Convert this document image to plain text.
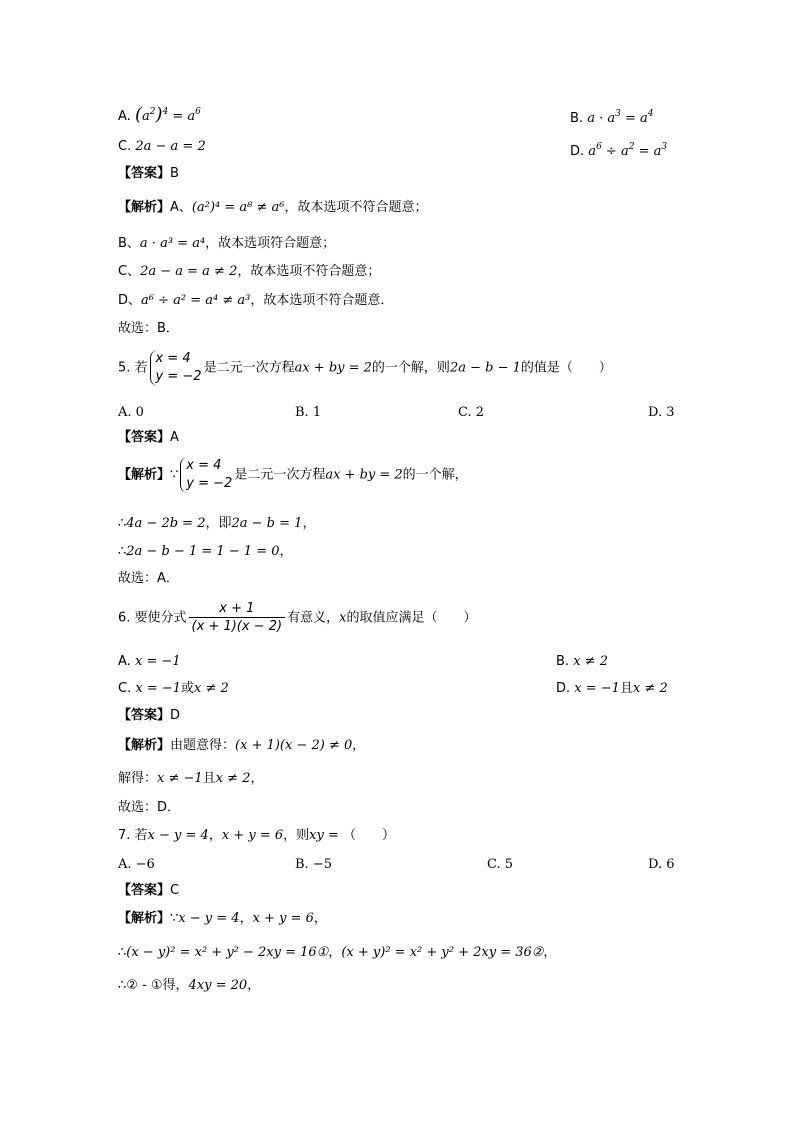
A. $(a^2)^4 = a^6$	B. $a \cdot a^3 = a^4$
C. 2a − a = 2	D. $a^6 \div a^2 = a^3$
【答案】B
【解析】A、(a²)⁴ = a⁸ ≠ a⁶，故本选项不符合题意；
B、a · a³ = a⁴，故本选项符合题意；
C、2a − a = a ≠ 2，故本选项不符合题意；
D、a⁶ ÷ a² = a⁴ ≠ a³，故本选项不符合题意．
故选：B．
5. 若
x = 4
y = −2
是二元一次方程ax + by = 2的一个解，则2a − b − 1的值是（　　）
A. 0	B. 1	C. 2	D. 3
【答案】A
【解析】∵
x = 4
y = −2
是二元一次方程ax + by = 2的一个解，
∴4a − 2b = 2，即2a − b = 1，
∴2a − b − 1 = 1 − 1 = 0，
故选：A．
6. 要使分式 $\frac{x + 1}{(x + 1)(x - 2)}$ 有意义，x的取值应满足（　　）
A. x = −1	B. x ≠ 2
C. x = −1或x ≠ 2	D. x = −1且x ≠ 2
【答案】D
【解析】由题意得：(x + 1)(x − 2) ≠ 0，
解得：x ≠ −1且x ≠ 2，
故选：D．
7. 若x − y = 4，x + y = 6，则xy = （　　）
A. −6	B. −5	C. 5	D. 6
【答案】C
【解析】∵x − y = 4，x + y = 6，
∴(x − y)² = x² + y² − 2xy = 16①，(x + y)² = x² + y² + 2xy = 36②，
∴② - ①得，4xy = 20，
